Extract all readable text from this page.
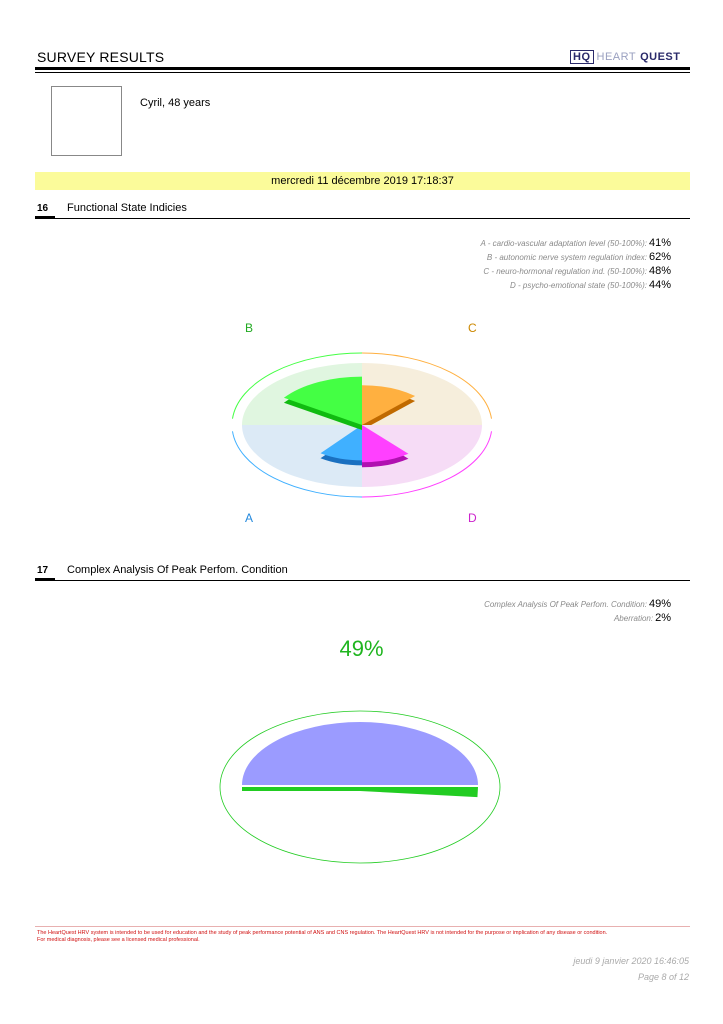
SURVEY RESULTS	HQ HEART QUEST
Cyril, 48 years
mercredi 11 décembre 2019 17:18:37
16 Functional State Indicies
A - cardio-vascular adaptation level (50-100%): 41%
B - autonomic nerve system regulation index: 62%
C - neuro-hormonal regulation ind. (50-100%): 48%
D - psycho-emotional state (50-100%): 44%
B	C
A	D
17 Complex Analysis Of Peak Perfom. Condition
Complex Analysis Of Peak Perfom. Condition: 49%
Aberration: 2%
49%
The HeartQuest HRV system is intended to be used for education and the study of peak performance potential of ANS and CNS regulation. The HeartQuest HRV is not intended for the purpose or implication of any disease or condition.
For medical diagnosis, please see a licensed medical professional.
jeudi 9 janvier 2020 16:46:05
Page 8 of 12
